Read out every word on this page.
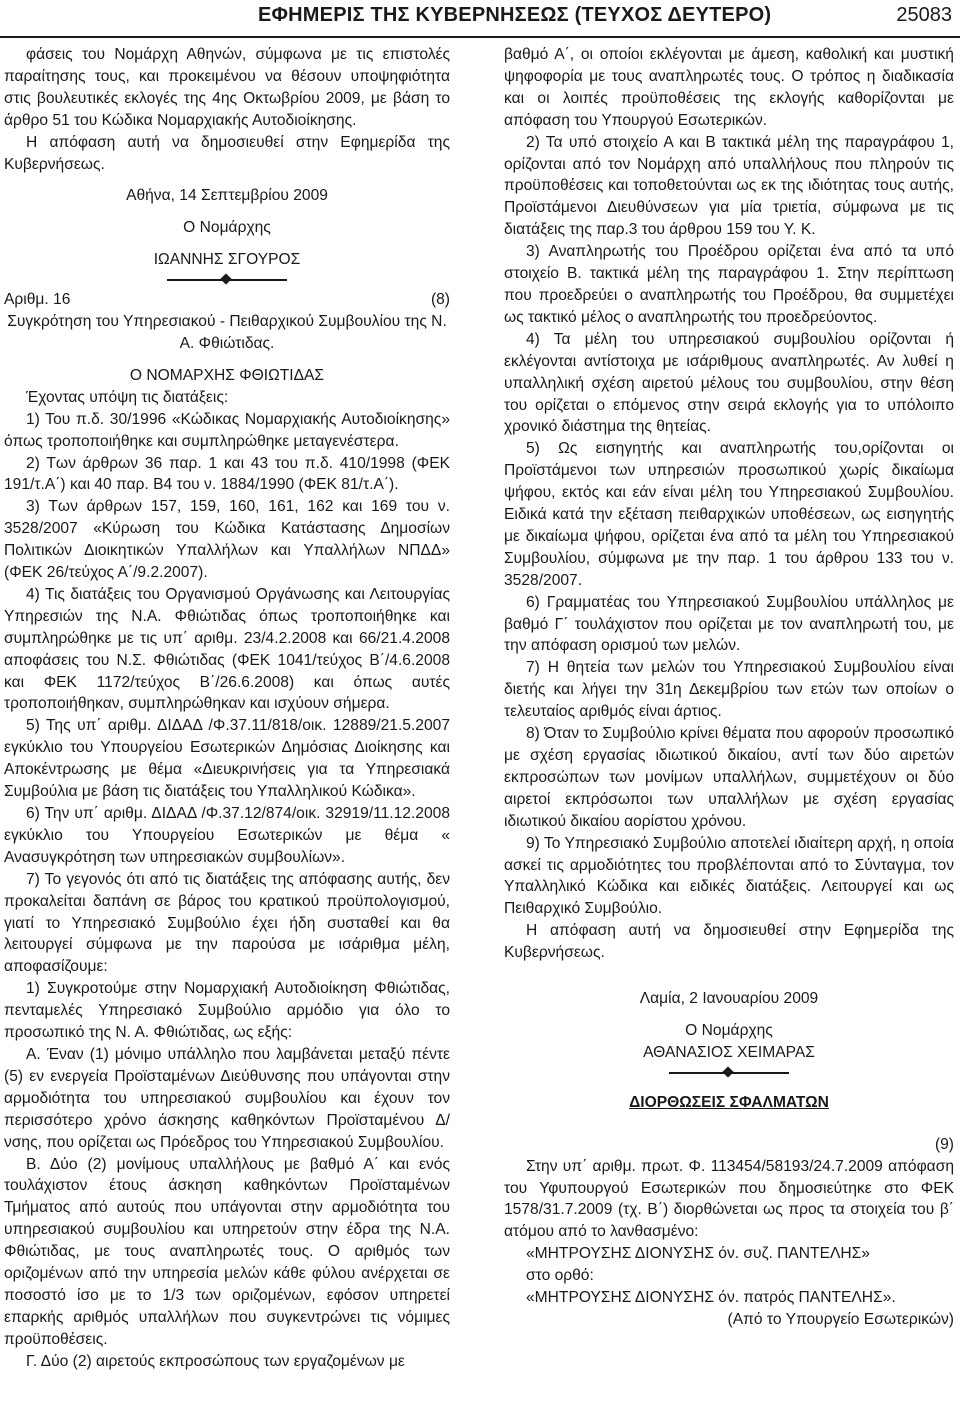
ΕΦΗΜΕΡΙΣ ΤΗΣ ΚΥΒΕΡΝΗΣΕΩΣ (ΤΕΥΧΟΣ ΔΕΥΤΕΡΟ)	25083

φάσεις του Νομάρχη Αθηνών, σύμφωνα με τις επιστολές παραίτησης τους, και προκειμένου να θέσουν υποψηφιότητα στις βουλευτικές εκλογές της 4ης Οκτωβρίου 2009, με βάση το άρθρο 51 του Κώδικα Νομαρχιακής Αυτοδιοίκησης.

Η απόφαση αυτή να δημοσιευθεί στην Εφημερίδα της Κυβερνήσεως.

Αθήνα, 14 Σεπτεμβρίου 2009

Ο Νομάρχης

ΙΩΑΝΝΗΣ ΣΓΟΥΡΟΣ

Αριθμ. 16	(8)

Συγκρότηση του Υπηρεσιακού - Πειθαρχικού Συμβουλίου της Ν. Α. Φθιώτιδας.

Ο ΝΟΜΑΡΧΗΣ ΦΘΙΩΤΙΔΑΣ

Έχοντας υπόψη τις διατάξεις:

1) Του π.δ. 30/1996 «Κώδικας Νομαρχιακής Αυτοδιοίκησης» όπως τροποποιήθηκε και συμπληρώθηκε μεταγενέστερα.

2) Των άρθρων 36 παρ. 1 και 43 του π.δ. 410/1998 (ΦΕΚ 191/τ.Α΄) και 40 παρ. Β4 του ν. 1884/1990 (ΦΕΚ 81/τ.Α΄).

3) Των άρθρων 157, 159, 160, 161, 162 και 169 του ν. 3528/2007 «Κύρωση του Κώδικα Κατάστασης Δημοσίων Πολιτικών Διοικητικών Υπαλλήλων και Υπαλλήλων ΝΠΔΔ» (ΦΕΚ 26/τεύχος Α΄/9.2.2007).

4) Τις διατάξεις του Οργανισμού Οργάνωσης και Λειτουργίας Υπηρεσιών της Ν.Α. Φθιώτιδας όπως τροποποιήθηκε και συμπληρώθηκε με τις υπ΄ αριθμ. 23/4.2.2008 και 66/21.4.2008 αποφάσεις του Ν.Σ. Φθιώτιδας (ΦΕΚ 1041/τεύχος Β΄/4.6.2008 και ΦΕΚ 1172/τεύχος Β΄/26.6.2008) και όπως αυτές τροποποιήθηκαν, συμπληρώθηκαν και ισχύουν σήμερα.

5) Της υπ΄ αριθμ. ΔΙΔΑΔ /Φ.37.11/818/οικ. 12889/21.5.2007 εγκύκλιο του Υπουργείου Εσωτερικών Δημόσιας Διοίκησης και Αποκέντρωσης με θέμα «Διευκρινήσεις για τα Υπηρεσιακά Συμβούλια με βάση τις διατάξεις του Υπαλληλικού Κώδικα».

6) Την υπ΄ αριθμ. ΔΙΔΑΔ /Φ.37.12/874/οικ. 32919/11.12.2008 εγκύκλιο του Υπουργείου Εσωτερικών με θέμα « Ανασυγκρότηση των υπηρεσιακών συμβουλίων».

7) Το γεγονός ότι από τις διατάξεις της απόφασης αυτής, δεν προκαλείται δαπάνη σε βάρος του κρατικού προϋπολογισμού, γιατί το Υπηρεσιακό Συμβούλιο έχει ήδη συσταθεί και θα λειτουργεί σύμφωνα με την παρούσα με ισάριθμα μέλη, αποφασίζουμε:

1) Συγκροτούμε στην Νομαρχιακή Αυτοδιοίκηση Φθιώτιδας, πενταμελές Υπηρεσιακό Συμβούλιο αρμόδιο για όλο το προσωπικό της Ν. Α. Φθιώτιδας, ως εξής:

Α. Έναν (1) μόνιμο υπάλληλο που λαμβάνεται μεταξύ πέντε (5) εν ενεργεία Προϊσταμένων Διεύθυνσης που υπάγονται στην αρμοδιότητα του υπηρεσιακού συμβουλίου και έχουν τον περισσότερο χρόνο άσκησης καθηκόντων Προϊσταμένου Δ/νσης, που ορίζεται ως Πρόεδρος του Υπηρεσιακού Συμβουλίου.

Β. Δύο (2) μονίμους υπαλλήλους με βαθμό Α΄ και ενός τουλάχιστον έτους άσκηση καθηκόντων Προϊσταμένων Τμήματος από αυτούς που υπάγονται στην αρμοδιότητα του υπηρεσιακού συμβουλίου και υπηρετούν στην έδρα της Ν.Α. Φθιώτιδας, με τους αναπληρωτές τους. Ο αριθμός των οριζομένων από την υπηρεσία μελών κάθε φύλου ανέρχεται σε ποσοστό ίσο με το 1/3 των οριζομένων, εφόσον υπηρετεί επαρκής αριθμός υπαλλήλων που συγκεντρώνει τις νόμιμες προϋποθέσεις.

Γ. Δύο (2) αιρετούς εκπροσώπους των εργαζομένων με

βαθμό Α΄, οι οποίοι εκλέγονται με άμεση, καθολική και μυστική ψηφοφορία με τους αναπληρωτές τους. Ο τρόπος η διαδικασία και οι λοιπές προϋποθέσεις της εκλογής καθορίζονται με απόφαση του Υπουργού Εσωτερικών.

2) Τα υπό στοιχείο Α και Β τακτικά μέλη της παραγράφου 1, ορίζονται από τον Νομάρχη από υπαλλήλους που πληρούν τις προϋποθέσεις και τοποθετούνται ως εκ της ιδιότητας τους αυτής, Προϊστάμενοι Διευθύνσεων για μία τριετία, σύμφωνα με τις διατάξεις της παρ.3 του άρθρου 159 του Υ. Κ.

3) Αναπληρωτής του Προέδρου ορίζεται ένα από τα υπό στοιχείο Β. τακτικά μέλη της παραγράφου 1. Στην περίπτωση που προεδρεύει ο αναπληρωτής του Προέδρου, θα συμμετέχει ως τακτικό μέλος ο αναπληρωτής του προεδρεύοντος.

4) Τα μέλη του υπηρεσιακού συμβουλίου ορίζονται ή εκλέγονται αντίστοιχα με ισάριθμους αναπληρωτές. Αν λυθεί η υπαλληλική σχέση αιρετού μέλους του συμβουλίου, στην θέση του ορίζεται ο επόμενος στην σειρά εκλογής για το υπόλοιπο χρονικό διάστημα της θητείας.

5) Ως εισηγητής και αναπληρωτής του,ορίζονται οι Προϊστάμενοι των υπηρεσιών προσωπικού χωρίς δικαίωμα ψήφου, εκτός και εάν είναι μέλη του Υπηρεσιακού Συμβουλίου. Ειδικά κατά την εξέταση πειθαρχικών υποθέσεων, ως εισηγητής με δικαίωμα ψήφου, ορίζεται ένα από τα μέλη του Υπηρεσιακού Συμβουλίου, σύμφωνα με την παρ. 1 του άρθρου 133 του ν. 3528/2007.

6) Γραμματέας του Υπηρεσιακού Συμβουλίου υπάλληλος με βαθμό Γ΄ τουλάχιστον που ορίζεται με τον αναπληρωτή του, με την απόφαση ορισμού των μελών.

7) Η θητεία των μελών του Υπηρεσιακού Συμβουλίου είναι διετής και λήγει την 31η Δεκεμβρίου των ετών των οποίων ο τελευταίος αριθμός είναι άρτιος.

8) Όταν το Συμβούλιο κρίνει θέματα που αφορούν προσωπικό με σχέση εργασίας ιδιωτικού δικαίου, αντί των δύο αιρετών εκπροσώπων των μονίμων υπαλλήλων, συμμετέχουν οι δύο αιρετοί εκπρόσωποι των υπαλλήλων με σχέση εργασίας ιδιωτικού δικαίου αορίστου χρόνου.

9) Το Υπηρεσιακό Συμβούλιο αποτελεί ιδιαίτερη αρχή, η οποία ασκεί τις αρμοδιότητες του προβλέπονται από το Σύνταγμα, τον Υπαλληλικό Κώδικα και ειδικές διατάξεις. Λειτουργεί και ως Πειθαρχικό Συμβούλιο.

Η απόφαση αυτή να δημοσιευθεί στην Εφημερίδα της Κυβερνήσεως.

Λαμία, 2 Ιανουαρίου 2009

Ο Νομάρχης

ΑΘΑΝΑΣΙΟΣ ΧΕΙΜΑΡΑΣ

ΔΙΟΡΘΩΣΕΙΣ ΣΦΑΛΜΑΤΩΝ

(9)

Στην υπ΄ αριθμ. πρωτ. Φ. 113454/58193/24.7.2009 απόφαση του Υφυπουργού Εσωτερικών που δημοσιεύτηκε στο ΦΕΚ 1578/31.7.2009 (τχ. Β΄) διορθώνεται ως προς τα στοιχεία του β΄ ατόμου από το λανθασμένο:

«ΜΗΤΡΟΥΣΗΣ ΔΙΟΝΥΣΗΣ όν. συζ. ΠΑΝΤΕΛΗΣ»

στο ορθό:

«ΜΗΤΡΟΥΣΗΣ ΔΙΟΝΥΣΗΣ όν. πατρός ΠΑΝΤΕΛΗΣ».

(Από το Υπουργείο Εσωτερικών)
